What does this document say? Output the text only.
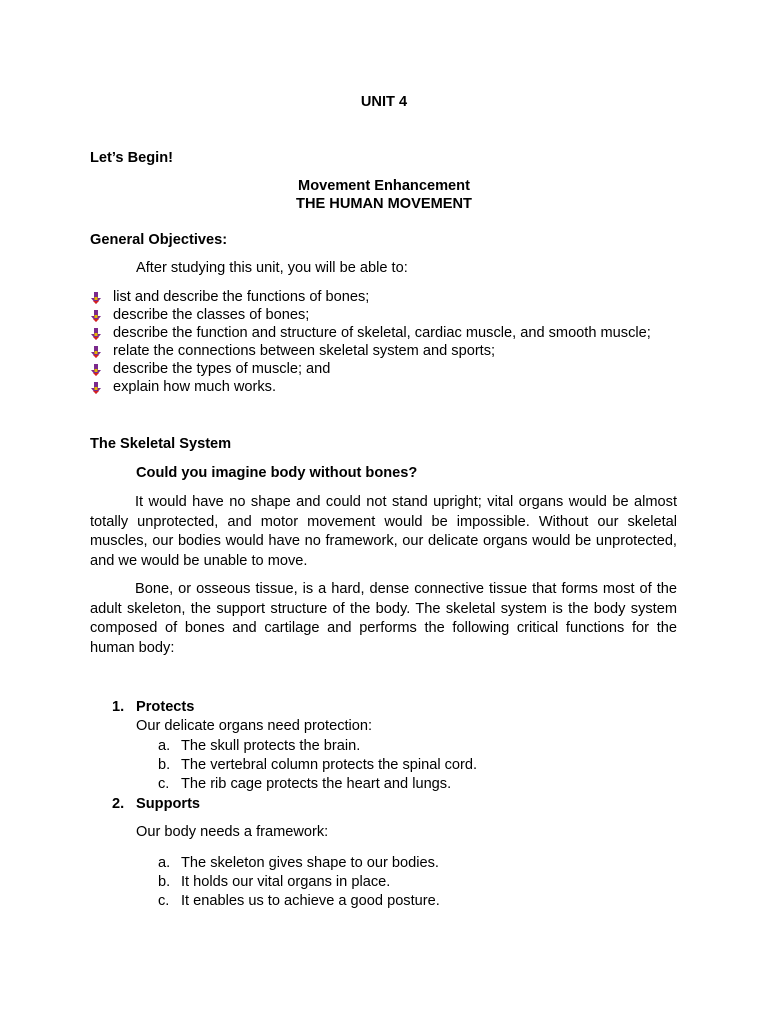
UNIT 4
Let’s Begin!
Movement Enhancement
THE HUMAN MOVEMENT
General Objectives:
After studying this unit, you will be able to:
list and describe the functions of bones;
describe the classes of bones;
describe the function and structure of skeletal, cardiac muscle, and smooth muscle;
relate the connections between skeletal system and sports;
describe the types of muscle; and
explain how much works.
The Skeletal System
Could you imagine body without bones?
It would have no shape and could not stand upright; vital organs would be almost totally unprotected, and motor movement would be impossible. Without our skeletal muscles, our bodies would have no framework, our delicate organs would be unprotected, and we would be unable to move.
Bone, or osseous tissue, is a hard, dense connective tissue that forms most of the adult skeleton, the support structure of the body. The skeletal system is the body system composed of bones and cartilage and performs the following critical functions for the human body:
1. Protects
Our delicate organs need protection:
a. The skull protects the brain.
b. The vertebral column protects the spinal cord.
c. The rib cage protects the heart and lungs.
2. Supports
Our body needs a framework:
a. The skeleton gives shape to our bodies.
b. It holds our vital organs in place.
c. It enables us to achieve a good posture.
